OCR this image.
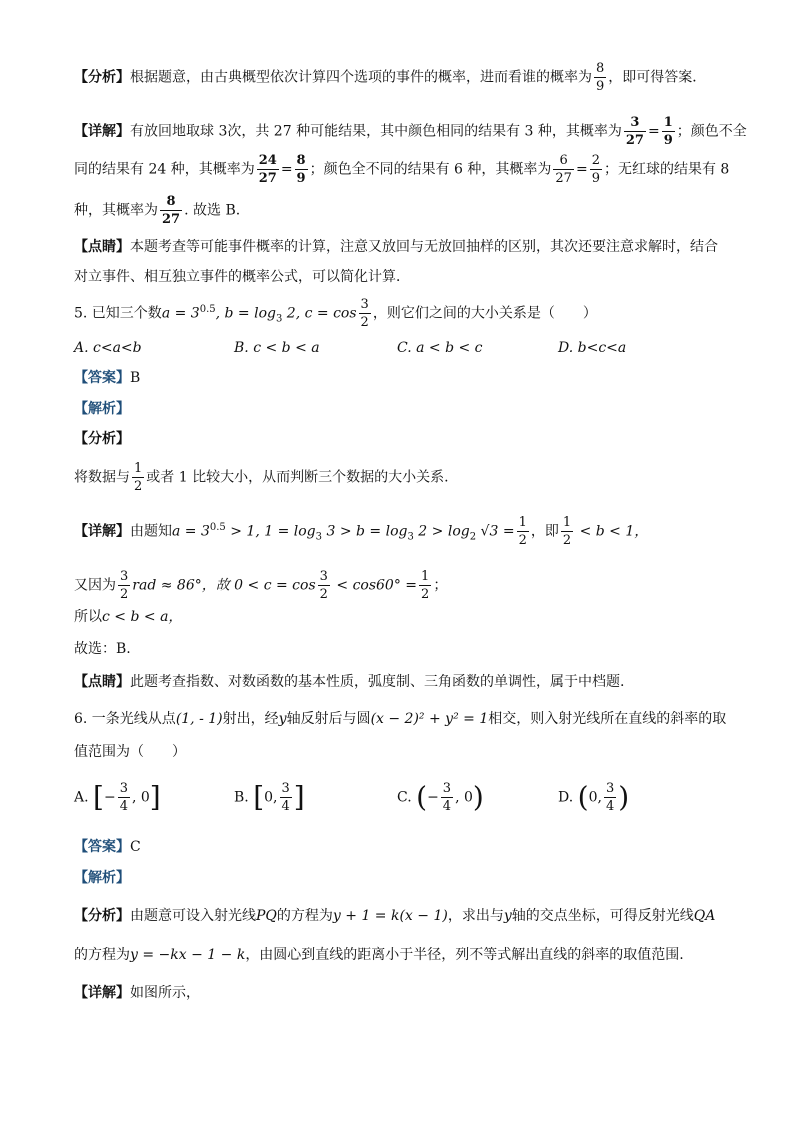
【分析】根据题意，由古典概型依次计算四个选项的事件的概率，进而看谁的概率为 $\frac{8}{9}$ ，即可得答案．
【详解】有放回地取球 3次，共 27 种可能结果，其中颜色相同的结果有 3 种，其概率为 $\frac{3}{27} = \frac{1}{9}$ ；颜色不全
同的结果有 24 种，其概率为 $\frac{24}{27} = \frac{8}{9}$ ；颜色全不同的结果有 6 种，其概率为 $\frac{6}{27} = \frac{2}{9}$ ；无红球的结果有 8
种，其概率为 $\frac{8}{27}$ . 故选 B.
【点睛】本题考查等可能事件概率的计算，注意又放回与无放回抽样的区别，其次还要注意求解时，结合
对立事件、相互独立事件的概率公式，可以简化计算．
5. 已知三个数$a = 3^{0.5}$, $b = \log_3 2$, $c = \cos \frac{3}{2}$ ，则它们之间的大小关系是（　　）
A. c<a<b	B. c < b < a	C. a < b < c	D. b<c<a
【答案】B
【解析】
【分析】
将数据与 $\frac{1}{2}$ 或者 1 比较大小，从而判断三个数据的大小关系.
【详解】由题知$a = 3^{0.5} > 1$, $1 = \log_3 3 > b = \log_3 2 > \log_2 √3 = \frac{1}{2}$ ，即 $\frac{1}{2} < b < 1$，
又因为 $\frac{3}{2}$ rad ≈ 86°，故 $0 < c = \cos \frac{3}{2} < \cos 60^\circ = \frac{1}{2}$ ；
所以c < b < a，
故选：B.
【点睛】此题考查指数、对数函数的基本性质，弧度制、三角函数的单调性，属于中档题.
6. 一条光线从点(1, - 1)射出，经y轴反射后与圆(x − 2)² + y² = 1相交，则入射光线所在直线的斜率的取
值范围为（　　）
A. [− $\frac{3}{4}$ , 0]	B. [0, $\frac{3}{4}$ ]	C. (− $\frac{3}{4}$ , 0)	D. (0, $\frac{3}{4}$ )
【答案】C
【解析】
【分析】由题意可设入射光线PQ的方程为y + 1 = k(x − 1)，求出与y轴的交点坐标，可得反射光线QA
的方程为y = −kx − 1 − k，由圆心到直线的距离小于半径，列不等式解出直线的斜率的取值范围.
【详解】如图所示，
